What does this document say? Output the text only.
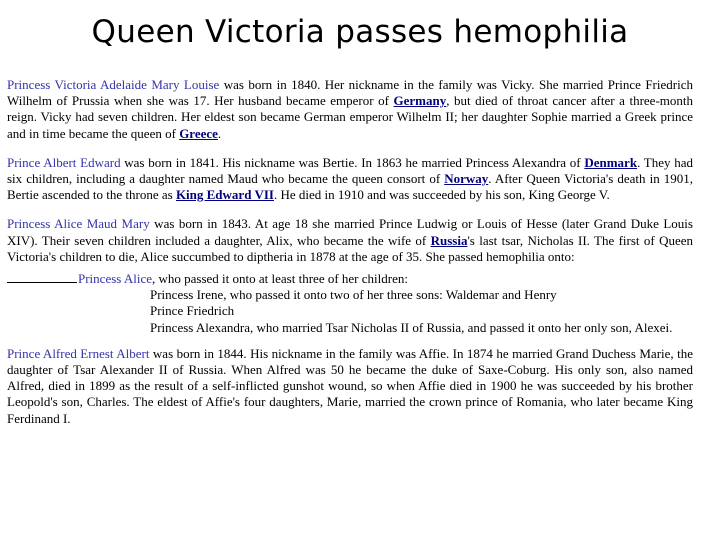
Queen Victoria passes hemophilia

Princess Victoria Adelaide Mary Louise was born in 1840. Her nickname in the family was Vicky. She married Prince Friedrich Wilhelm of Prussia when she was 17. Her husband became emperor of Germany, but died of throat cancer after a three-month reign. Vicky had seven children. Her eldest son became German emperor Wilhelm II; her daughter Sophie married a Greek prince and in time became the queen of Greece.

Prince Albert Edward was born in 1841. His nickname was Bertie. In 1863 he married Princess Alexandra of Denmark. They had six children, including a daughter named Maud who became the queen consort of Norway. After Queen Victoria's death in 1901, Bertie ascended to the throne as King Edward VII. He died in 1910 and was succeeded by his son, King George V.

Princess Alice Maud Mary was born in 1843. At age 18 she married Prince Ludwig or Louis of Hesse (later Grand Duke Louis XIV). Their seven children included a daughter, Alix, who became the wife of Russia's last tsar, Nicholas II. The first of Queen Victoria's children to die, Alice succumbed to diptheria in 1878 at the age of 35. She passed hemophilia onto:

Princess Alice, who passed it onto at least three of her children:

Princess Irene, who passed it onto two of her three sons: Waldemar and Henry

Prince Friedrich

Princess Alexandra, who married Tsar Nicholas II of Russia, and passed it onto her only son, Alexei.

Prince Alfred Ernest Albert was born in 1844. His nickname in the family was Affie. In 1874 he married Grand Duchess Marie, the daughter of Tsar Alexander II of Russia. When Alfred was 50 he became the duke of Saxe-Coburg. His only son, also named Alfred, died in 1899 as the result of a self-inflicted gunshot wound, so when Affie died in 1900 he was succeeded by his brother Leopold's son, Charles. The eldest of Affie's four daughters, Marie, married the crown prince of Romania, who later became King Ferdinand I.
